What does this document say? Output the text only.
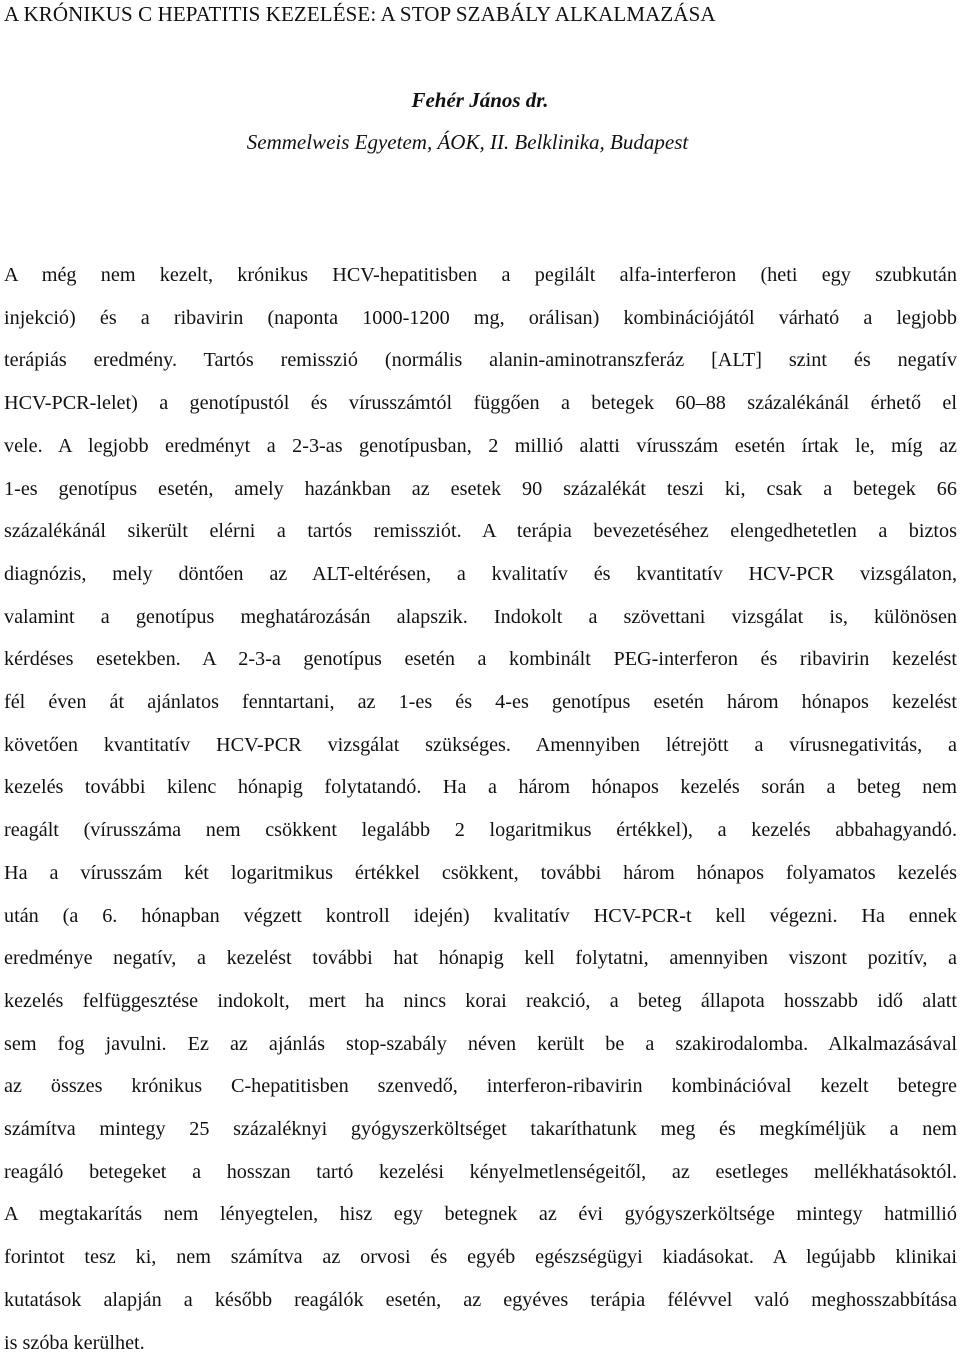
A KRÓNIKUS C HEPATITIS KEZELÉSE: A STOP SZABÁLY ALKALMAZÁSA

Fehér János dr.

Semmelweis Egyetem, ÁOK, II. Belklinika, Budapest

A még nem kezelt, krónikus HCV-hepatitisben a pegilált alfa-interferon (heti egy szubkután
injekció) és a ribavirin (naponta 1000-1200 mg, orálisan) kombinációjától várható a legjobb
terápiás eredmény. Tartós remisszió (normális alanin-aminotranszferáz [ALT] szint és negatív
HCV-PCR-lelet) a genotípustól és vírusszámtól függően a betegek 60–88 százalékánál érhető el
vele. A legjobb eredményt a 2-3-as genotípusban, 2 millió alatti vírusszám esetén írtak le, míg az
1-es genotípus esetén, amely hazánkban az esetek 90 százalékát teszi ki, csak a betegek 66
százalékánál sikerült elérni a tartós remissziót. A terápia bevezetéséhez elengedhetetlen a biztos
diagnózis, mely döntően az ALT-eltérésen, a kvalitatív és kvantitatív HCV-PCR vizsgálaton,
valamint a genotípus meghatározásán alapszik. Indokolt a szövettani vizsgálat is, különösen
kérdéses esetekben. A 2-3-a genotípus esetén a kombinált PEG-interferon és ribavirin kezelést
fél éven át ajánlatos fenntartani, az 1-es és 4-es genotípus esetén három hónapos kezelést
követően kvantitatív HCV-PCR vizsgálat szükséges. Amennyiben létrejött a vírusnegativitás, a
kezelés további kilenc hónapig folytatandó. Ha a három hónapos kezelés során a beteg nem
reagált (vírusszáma nem csökkent legalább 2 logaritmikus értékkel), a kezelés abbahagyandó.
Ha a vírusszám két logaritmikus értékkel csökkent, további három hónapos folyamatos kezelés
után (a 6. hónapban végzett kontroll idején) kvalitatív HCV-PCR-t kell végezni. Ha ennek
eredménye negatív, a kezelést további hat hónapig kell folytatni, amennyiben viszont pozitív, a
kezelés felfüggesztése indokolt, mert ha nincs korai reakció, a beteg állapota hosszabb idő alatt
sem fog javulni. Ez az ajánlás stop-szabály néven került be a szakirodalomba. Alkalmazásával
az összes krónikus C-hepatitisben szenvedő, interferon-ribavirin kombinációval kezelt betegre
számítva mintegy 25 százaléknyi gyógyszerköltséget takaríthatunk meg és megkíméljük a nem
reagáló betegeket a hosszan tartó kezelési kényelmetlenségeitől, az esetleges mellékhatásoktól.
A megtakarítás nem lényegtelen, hisz egy betegnek az évi gyógyszerköltsége mintegy hatmillió
forintot tesz ki, nem számítva az orvosi és egyéb egészségügyi kiadásokat. A legújabb klinikai
kutatások alapján a később reagálók esetén, az egyéves terápia félévvel való meghosszabbítása
is szóba kerülhet.
